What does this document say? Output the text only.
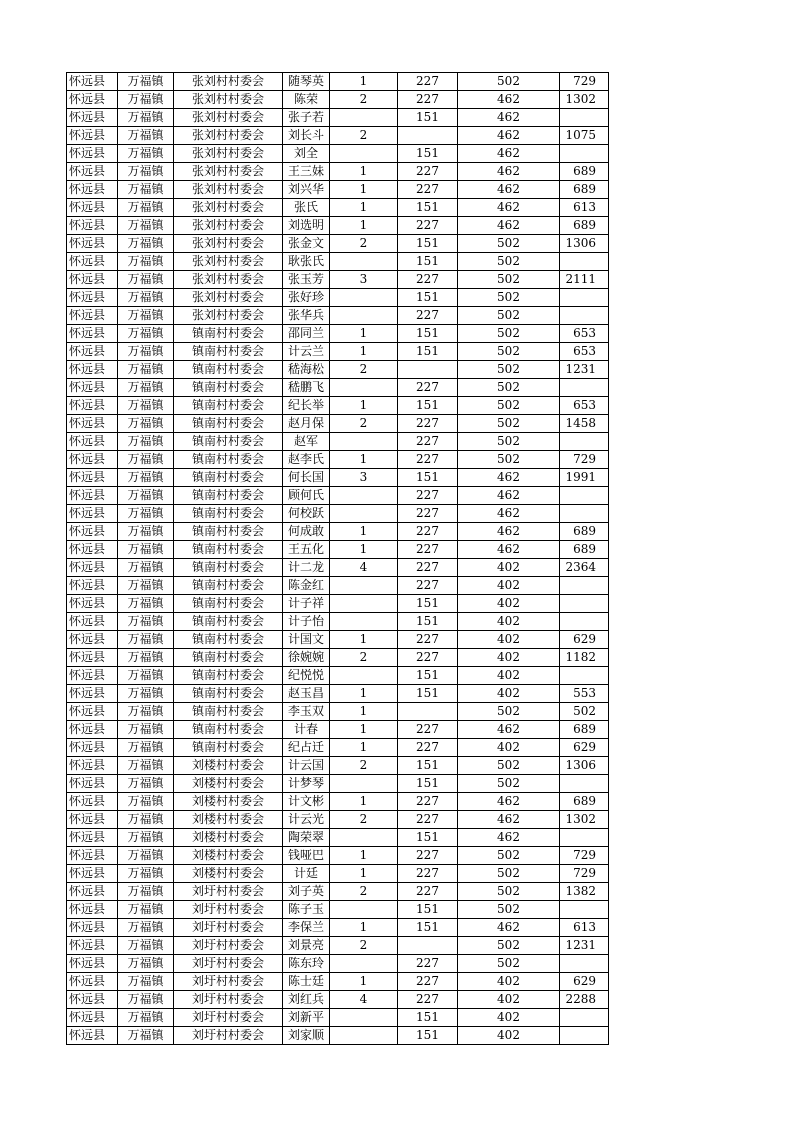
怀远县	万福镇	张刘村村委会	随琴英	1	227	502	729
怀远县	万福镇	张刘村村委会	陈荣	2	227	462	1302
怀远县	万福镇	张刘村村委会	张子若		151	462	
怀远县	万福镇	张刘村村委会	刘长斗	2		462	1075
怀远县	万福镇	张刘村村委会	刘全		151	462	
怀远县	万福镇	张刘村村委会	王三妹	1	227	462	689
怀远县	万福镇	张刘村村委会	刘兴华	1	227	462	689
怀远县	万福镇	张刘村村委会	张氏	1	151	462	613
怀远县	万福镇	张刘村村委会	刘选明	1	227	462	689
怀远县	万福镇	张刘村村委会	张金文	2	151	502	1306
怀远县	万福镇	张刘村村委会	耿张氏		151	502	
怀远县	万福镇	张刘村村委会	张玉芳	3	227	502	2111
怀远县	万福镇	张刘村村委会	张好珍		151	502	
怀远县	万福镇	张刘村村委会	张华兵		227	502	
怀远县	万福镇	镇南村村委会	邵同兰	1	151	502	653
怀远县	万福镇	镇南村村委会	计云兰	1	151	502	653
怀远县	万福镇	镇南村村委会	嵇海松	2		502	1231
怀远县	万福镇	镇南村村委会	嵇鹏飞		227	502	
怀远县	万福镇	镇南村村委会	纪长举	1	151	502	653
怀远县	万福镇	镇南村村委会	赵月保	2	227	502	1458
怀远县	万福镇	镇南村村委会	赵军		227	502	
怀远县	万福镇	镇南村村委会	赵李氏	1	227	502	729
怀远县	万福镇	镇南村村委会	何长国	3	151	462	1991
怀远县	万福镇	镇南村村委会	顾何氏		227	462	
怀远县	万福镇	镇南村村委会	何校跃		227	462	
怀远县	万福镇	镇南村村委会	何成敢	1	227	462	689
怀远县	万福镇	镇南村村委会	王五化	1	227	462	689
怀远县	万福镇	镇南村村委会	计二龙	4	227	402	2364
怀远县	万福镇	镇南村村委会	陈金红		227	402	
怀远县	万福镇	镇南村村委会	计子祥		151	402	
怀远县	万福镇	镇南村村委会	计子怡		151	402	
怀远县	万福镇	镇南村村委会	计国文	1	227	402	629
怀远县	万福镇	镇南村村委会	徐婉婉	2	227	402	1182
怀远县	万福镇	镇南村村委会	纪悦悦		151	402	
怀远县	万福镇	镇南村村委会	赵玉昌	1	151	402	553
怀远县	万福镇	镇南村村委会	李玉双	1		502	502
怀远县	万福镇	镇南村村委会	计春	1	227	462	689
怀远县	万福镇	镇南村村委会	纪占迁	1	227	402	629
怀远县	万福镇	刘楼村村委会	计云国	2	151	502	1306
怀远县	万福镇	刘楼村村委会	计梦琴		151	502	
怀远县	万福镇	刘楼村村委会	计文彬	1	227	462	689
怀远县	万福镇	刘楼村村委会	计云光	2	227	462	1302
怀远县	万福镇	刘楼村村委会	陶荣翠		151	462	
怀远县	万福镇	刘楼村村委会	钱哑巴	1	227	502	729
怀远县	万福镇	刘楼村村委会	计廷	1	227	502	729
怀远县	万福镇	刘圩村村委会	刘子英	2	227	502	1382
怀远县	万福镇	刘圩村村委会	陈子玉		151	502	
怀远县	万福镇	刘圩村村委会	李保兰	1	151	462	613
怀远县	万福镇	刘圩村村委会	刘景亮	2		502	1231
怀远县	万福镇	刘圩村村委会	陈东玲		227	502	
怀远县	万福镇	刘圩村村委会	陈士廷	1	227	402	629
怀远县	万福镇	刘圩村村委会	刘红兵	4	227	402	2288
怀远县	万福镇	刘圩村村委会	刘新平		151	402	
怀远县	万福镇	刘圩村村委会	刘家顺		151	402	
